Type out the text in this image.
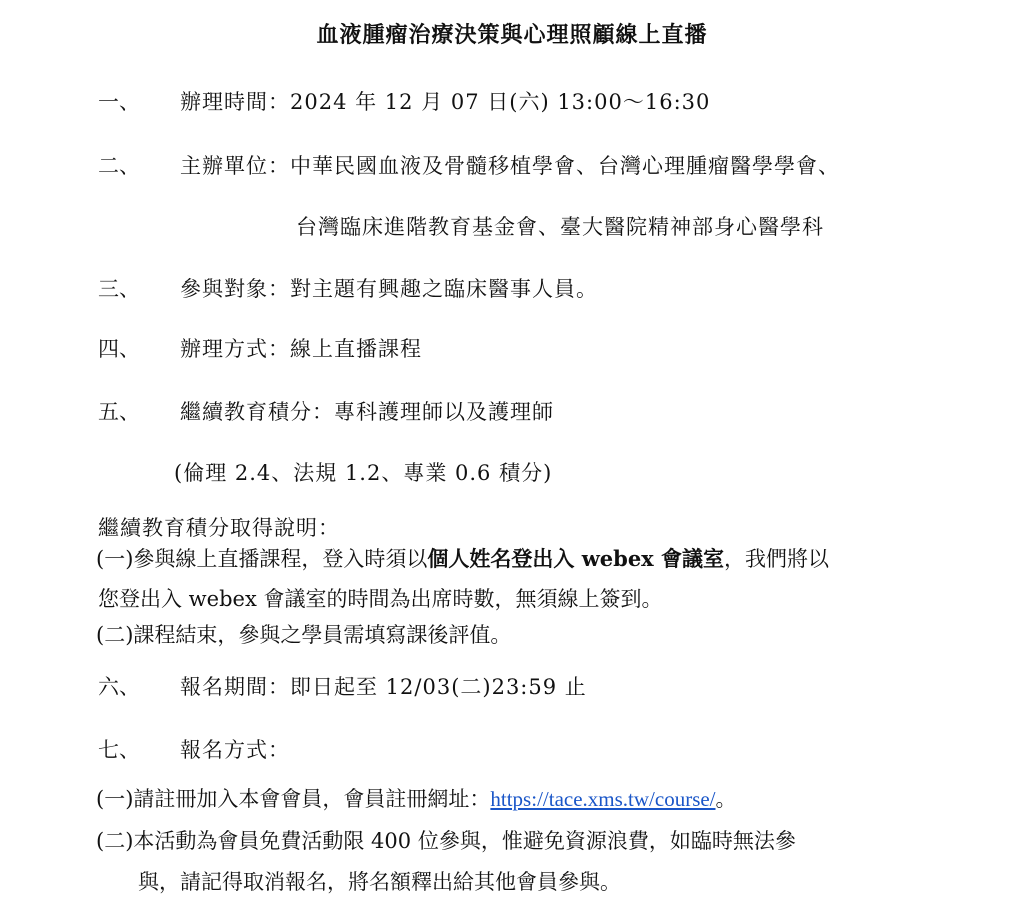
血液腫瘤治療決策與心理照顧線上直播
一、 辦理時間：2024 年 12 月 07 日(六) 13:00～16:30
二、 主辦單位：中華民國血液及骨髓移植學會、台灣心理腫瘤醫學學會、
台灣臨床進階教育基金會、臺大醫院精神部身心醫學科
三、 參與對象：對主題有興趣之臨床醫事人員。
四、 辦理方式：線上直播課程
五、 繼續教育積分：專科護理師以及護理師
(倫理 2.4、法規 1.2、專業 0.6 積分)
繼續教育積分取得說明：
(一)參與線上直播課程，登入時須以個人姓名登出入 webex 會議室，我們將以
您登出入 webex 會議室的時間為出席時數，無須線上簽到。
(二)課程結束，參與之學員需填寫課後評值。
六、 報名期間：即日起至 12/03(二)23:59 止
七、 報名方式：
(一)請註冊加入本會會員，會員註冊網址：https://tace.xms.tw/course/。
(二)本活動為會員免費活動限 400 位參與，惟避免資源浪費，如臨時無法參
與，請記得取消報名，將名額釋出給其他會員參與。
